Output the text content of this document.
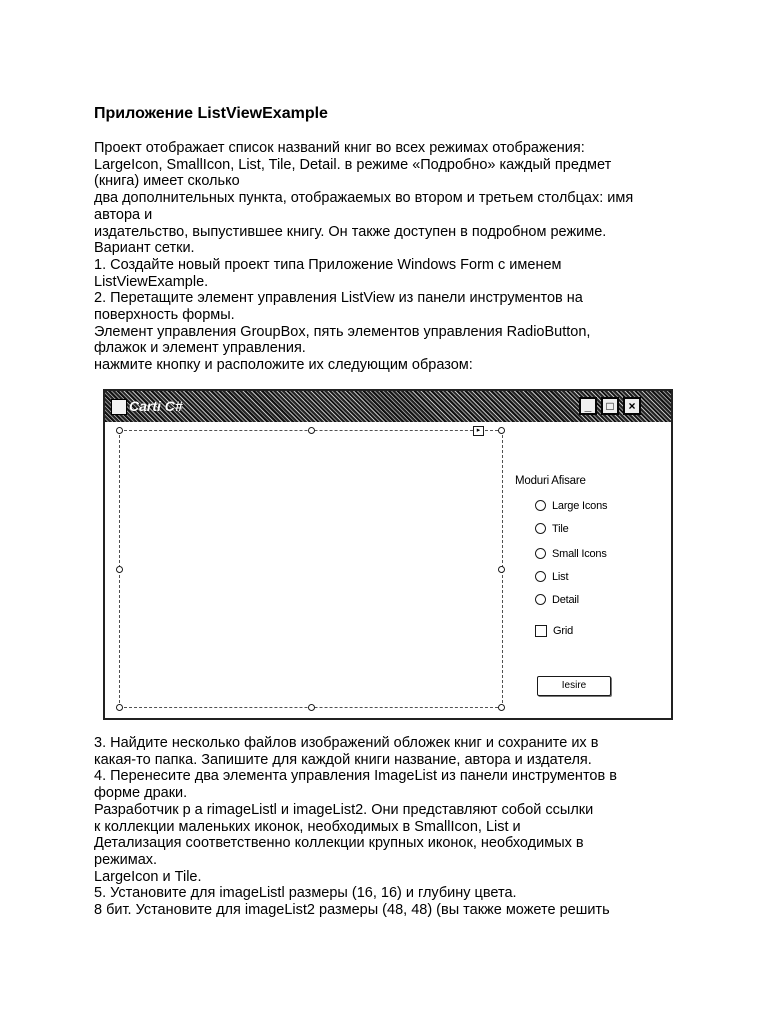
Приложение ListViewExample

Проект отображает список названий книг во всех режимах отображения:

LargeIcon, SmallIcon, List, Tile, Detail. в режиме «Подробно» каждый предмет

(книга) имеет сколько

два дополнительных пункта, отображаемых во втором и третьем столбцах: имя

автора и

издательство, выпустившее книгу. Он также доступен в подробном режиме.

Вариант сетки.

1. Создайте новый проект типа Приложение Windows Form с именем

ListViewExample.

2. Перетащите элемент управления ListView из панели инструментов на

поверхность формы.

Элемент управления GroupBox, пять элементов управления RadioButton,

флажок и элемент управления.

нажмите кнопку и расположите их следующим образом:

Carti C#	_	□	×
▸
Moduri Afisare
Large Icons
Tile
Small Icons
List
Detail
Grid
Iesire

3. Найдите несколько файлов изображений обложек книг и сохраните их в

какая-то папка. Запишите для каждой книги название, автора и издателя.

4. Перенесите два элемента управления ImageList из панели инструментов в

форме драки.

Разработчик p a rimageListl и imageList2. Они представляют собой ссылки

к коллекции маленьких иконок, необходимых в SmallIcon, List и

Детализация соответственно коллекции крупных иконок, необходимых в

режимах.

LargeIcon и Tile.

5. Установите для imageListl размеры (16, 16) и глубину цвета.

8 бит. Установите для imageList2 размеры (48, 48) (вы также можете решить
